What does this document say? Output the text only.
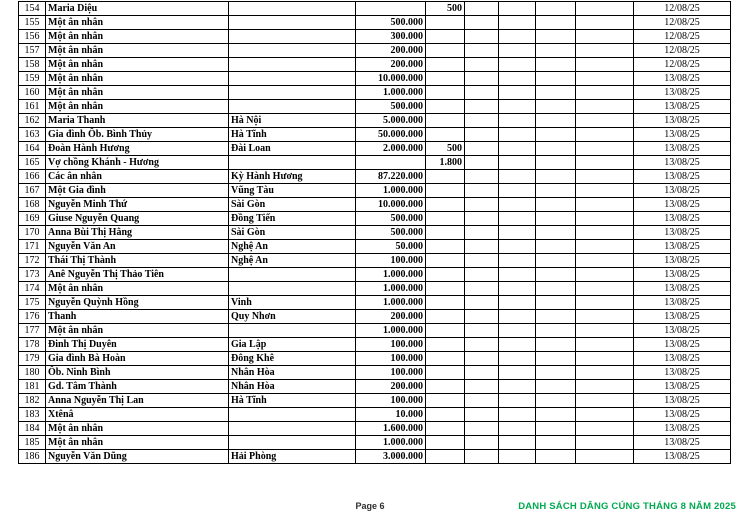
154	Maria Diệu			500					12/08/25
155	Một ân nhân		500.000						12/08/25
156	Một ân nhân		300.000						12/08/25
157	Một ân nhân		200.000						12/08/25
158	Một ân nhân		200.000						12/08/25
159	Một ân nhân		10.000.000						13/08/25
160	Một ân nhân		1.000.000						13/08/25
161	Một ân nhân		500.000						13/08/25
162	Maria Thanh	Hà Nội	5.000.000						13/08/25
163	Gia đình Ôb. Bình Thủy	Hà Tĩnh	50.000.000						13/08/25
164	Đoàn Hành Hương	Đài Loan	2.000.000	500					13/08/25
165	Vợ chồng Khánh - Hương			1.800					13/08/25
166	Các ân nhân	Kỳ Hành Hương	87.220.000						13/08/25
167	Một Gia đình	Vũng Tàu	1.000.000						13/08/25
168	Nguyễn Minh Thứ	Sài Gòn	10.000.000						13/08/25
169	Giuse Nguyễn Quang	Đồng Tiến	500.000						13/08/25
170	Anna Bùi Thị Hằng	Sài Gòn	500.000						13/08/25
171	Nguyễn Văn An	Nghệ An	50.000						13/08/25
172	Thái Thị Thành	Nghệ An	100.000						13/08/25
173	Anê Nguyễn Thị Thảo Tiên		1.000.000						13/08/25
174	Một ân nhân		1.000.000						13/08/25
175	Nguyễn Quỳnh Hồng	Vinh	1.000.000						13/08/25
176	Thanh	Quy Nhơn	200.000						13/08/25
177	Một ân nhân		1.000.000						13/08/25
178	Đinh Thị Duyên	Gia Lập	100.000						13/08/25
179	Gia đình Bà Hoàn	Đông Khê	100.000						13/08/25
180	Ôb. Ninh Bình	Nhân Hòa	100.000						13/08/25
181	Gd. Tâm Thành	Nhân Hòa	200.000						13/08/25
182	Anna Nguyễn Thị Lan	Hà Tĩnh	100.000						13/08/25
183	Xtênâ		10.000						13/08/25
184	Một ân nhân		1.600.000						13/08/25
185	Một ân nhân		1.000.000						13/08/25
186	Nguyễn Văn Dũng	Hải Phòng	3.000.000						13/08/25
Page 6	DANH SÁCH DÂNG CÚNG THÁNG 8 NĂM 2025
